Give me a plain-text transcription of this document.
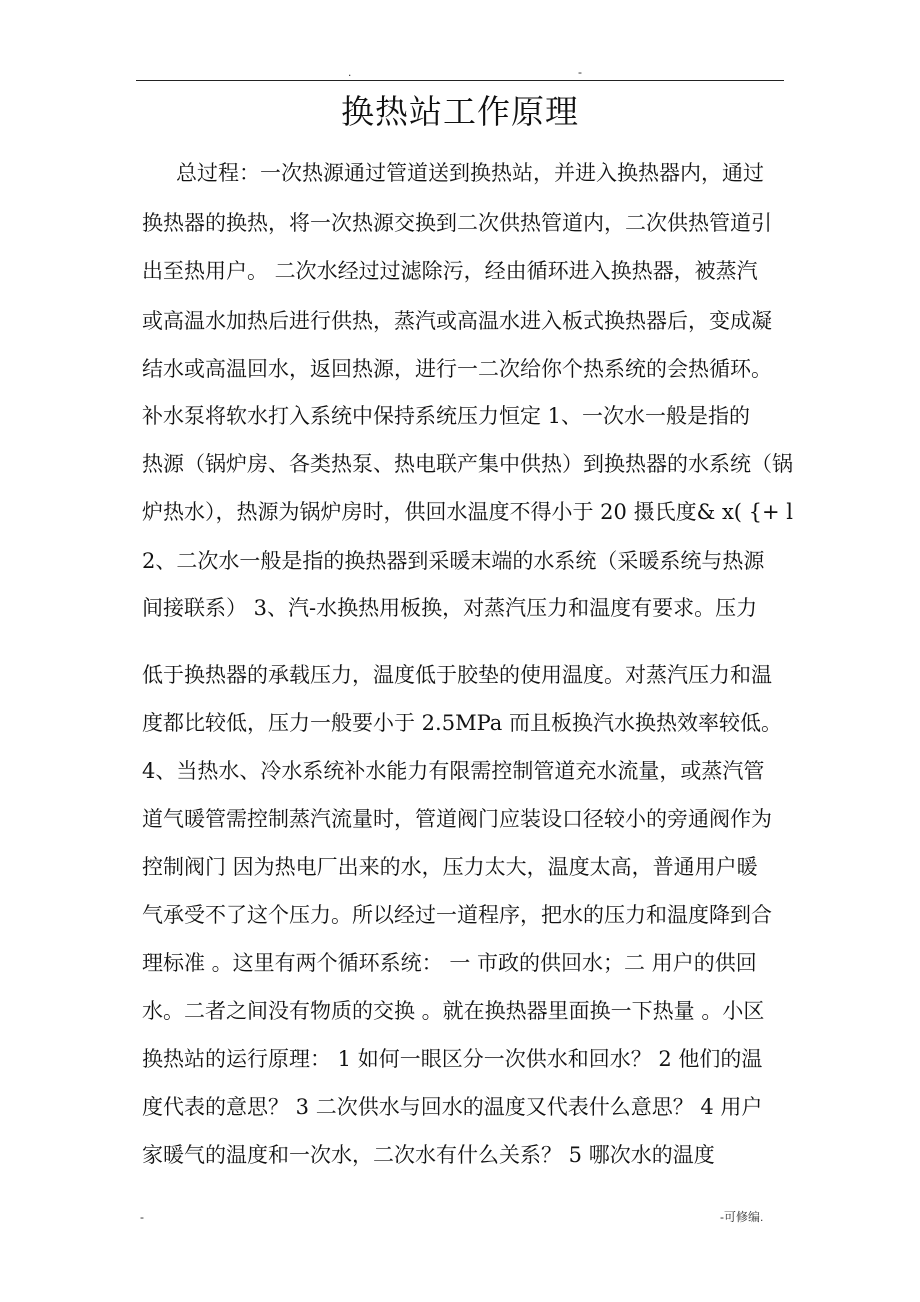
.	-
换热站工作原理
总过程：一次热源通过管道送到换热站，并进入换热器内，通过
换热器的换热，将一次热源交换到二次供热管道内，二次供热管道引
出至热用户。 二次水经过过滤除污，经由循环进入换热器，被蒸汽
或高温水加热后进行供热，蒸汽或高温水进入板式换热器后，变成凝
结水或高温回水，返回热源，进行一二次给你个热系统的会热循环。
补水泵将软水打入系统中保持系统压力恒定 1、一次水一般是指的
热源（锅炉房、各类热泵、热电联产集中供热）到换热器的水系统（锅
炉热水），热源为锅炉房时，供回水温度不得小于 20 摄氏度& x( {+ l
2、二次水一般是指的换热器到采暖末端的水系统（采暖系统与热源
间接联系） 3、汽-水换热用板换，对蒸汽压力和温度有要求。压力
低于换热器的承载压力，温度低于胶垫的使用温度。对蒸汽压力和温
度都比较低，压力一般要小于 2.5MPa 而且板换汽水换热效率较低。
4、当热水、冷水系统补水能力有限需控制管道充水流量，或蒸汽管
道气暖管需控制蒸汽流量时，管道阀门应装设口径较小的旁通阀作为
控制阀门 因为热电厂出来的水，压力太大，温度太高，普通用户暖
气承受不了这个压力。所以经过一道程序，把水的压力和温度降到合
理标准 。这里有两个循环系统： 一 市政的供回水；二 用户的供回
水。二者之间没有物质的交换 。就在换热器里面换一下热量 。小区
换热站的运行原理： 1 如何一眼区分一次供水和回水？ 2 他们的温
度代表的意思？ 3 二次供水与回水的温度又代表什么意思？ 4 用户
家暖气的温度和一次水，二次水有什么关系？ 5 哪次水的温度
-	-可修编.
